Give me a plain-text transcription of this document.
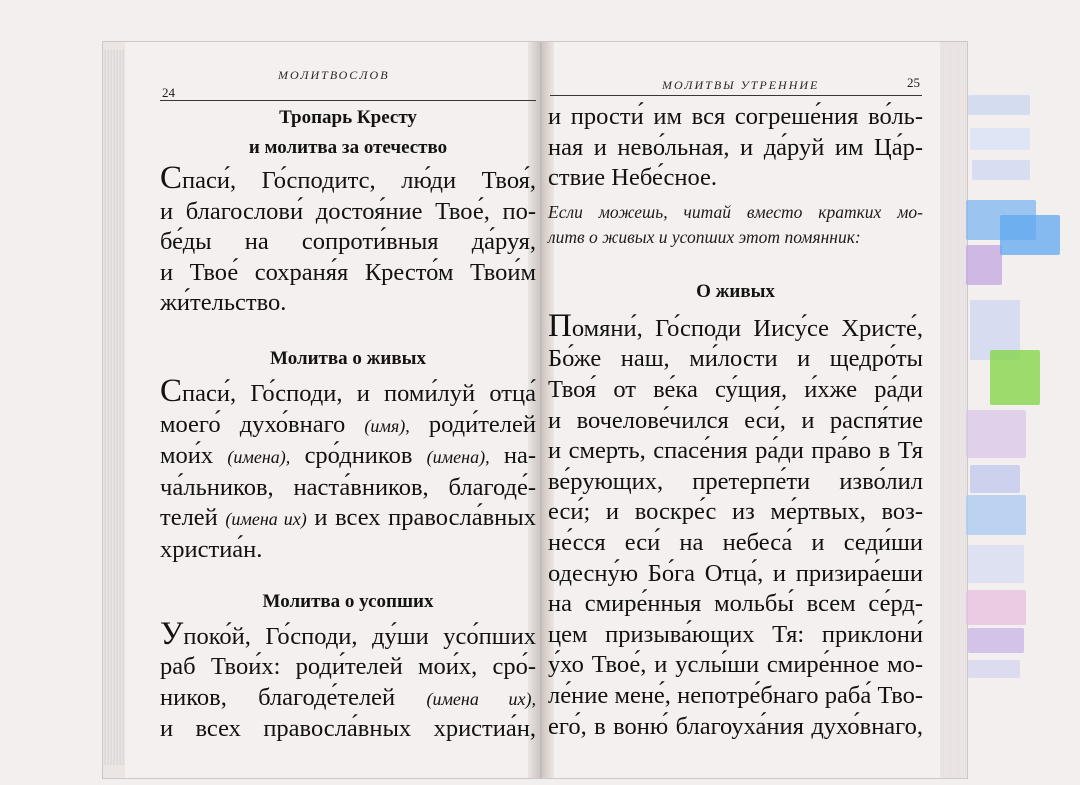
24
МОЛИТВОСЛОВ
МОЛИТВЫ УТРЕННИЕ	25
Тропарь Кресту
и молитва за отечество
Спаси́, Го́сподитс, лю́ди Твоя́,
и благослови́ достоя́ние Твое́, по-
бе́ды на сопроти́вныя да́руя,
и Твое́ сохраня́я Кресто́м Твои́м
жи́тельство.
Молитва о живых
Спаси́, Го́споди, и поми́луй отца́
моего́ духо́внаго (имя), роди́телей
мои́х (имена), сро́дников (имена), на-
ча́льников, наста́вников, благоде́-
телей (имена их) и всех правосла́вных
христиа́н.
Молитва о усопших
Упоко́й, Го́споди, ду́ши усо́пших
раб Твои́х: роди́телей мои́х, сро́-
ников, благоде́телей (имена их),
и всех правосла́вных христиа́н,
и прости́ им вся согреше́ния во́ль-
ная и нево́льная, и да́руй им Ца́р-
ствие Небе́сное.
Если можешь, читай вместо кратких мо-
литв о живых и усопших этот помянник:
О живых
Помяни́, Го́споди Иису́се Христе́,
Бо́же наш, ми́лости и щедро́ты
Твоя́ от ве́ка су́щия, и́хже ра́ди
и вочелове́чился еси́, и распя́тие
и смерть, спасе́ния ра́ди пра́во в Тя
ве́рующих, претерпе́ти изво́лил
еси́; и воскре́с из ме́ртвых, воз-
не́сся еси́ на небеса́ и седи́ши
одесну́ю Бо́га Отца́, и призира́еши
на смире́нныя мольбы́ всем се́рд-
цем призыва́ющих Тя: приклони́
у́хо Твое́, и услы́ши смире́нное мо-
ле́ние мене́, непотре́бнаго раба́ Тво-
его́, в воню́ благоуха́ния духо́внаго,
